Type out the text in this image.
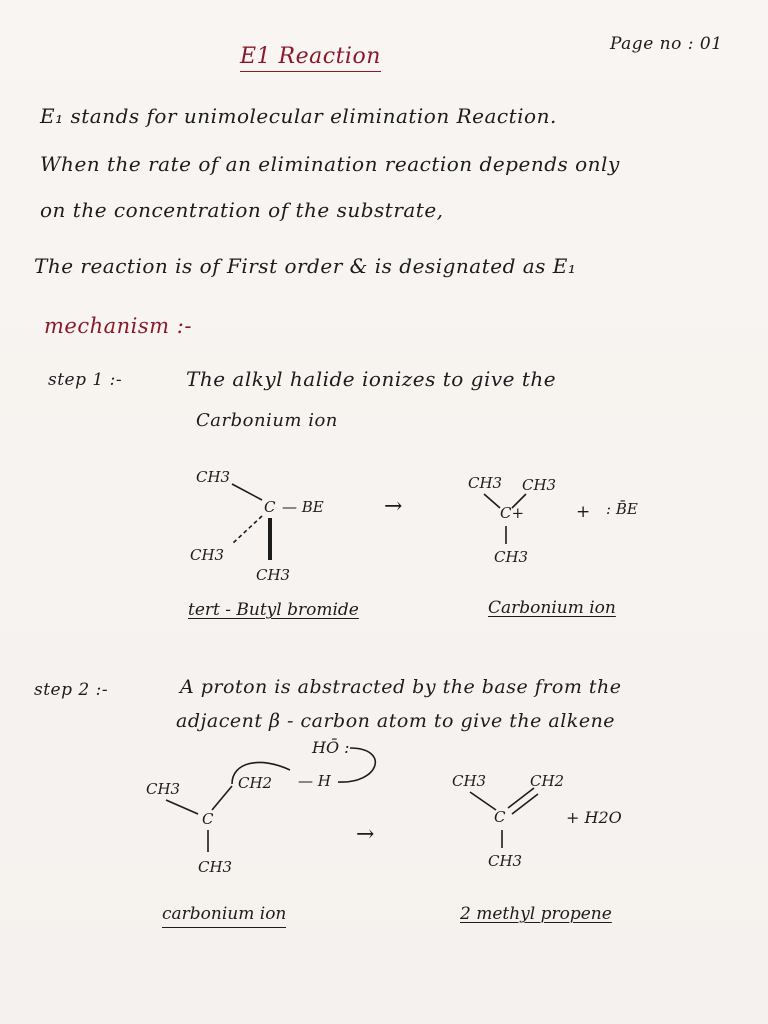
E1 Reaction	Page no : 01
E₁ stands for unimolecular elimination Reaction.
When the rate of an elimination reaction depends only
on the concentration of the substrate,
The reaction is of First order & is designated as E₁
mechanism :-
step 1 :-	The alkyl halide ionizes to give the
Carbonium ion
CH3
C — BE
CH3
CH3
tert - Butyl bromide
→
CH3 CH3
C+
CH3
+ : B̄E
Carbonium ion
step 2 :-	A proton is abstracted by the base from the
adjacent β - carbon atom to give the alkene
HŌ :
CH3	CH2 — H
C
CH3
carbonium ion
→
CH3	CH2
C
CH3
+ H2O
2 methyl propene
